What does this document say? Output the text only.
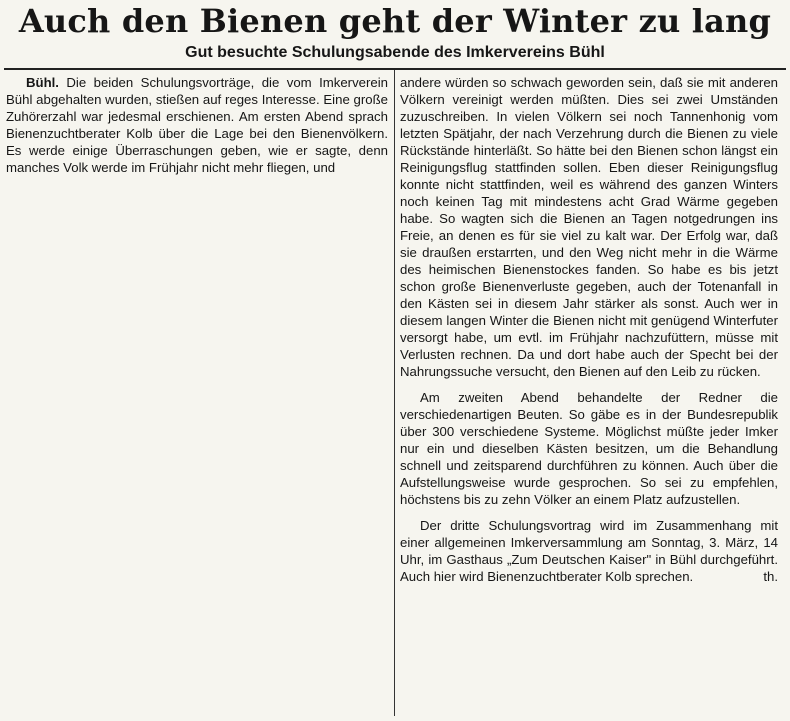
Auch den Bienen geht der Winter zu lang
Gut besuchte Schulungsabende des Imkervereins Bühl

Bühl. Die beiden Schulungsvorträge, die vom Imkerverein Bühl abgehalten wurden, stießen auf reges Interesse. Eine große Zuhörerzahl war jedesmal erschienen. Am ersten Abend sprach Bienenzuchtberater Kolb über die Lage bei den Bienenvölkern. Es werde einige Überraschungen geben, wie er sagte, denn manches Volk werde im Frühjahr nicht mehr fliegen, und

andere würden so schwach geworden sein, daß sie mit anderen Völkern vereinigt werden müßten. Dies sei zwei Umständen zuzuschreiben. In vielen Völkern sei noch Tannenhonig vom letzten Spätjahr, der nach Verzehrung durch die Bienen zu viele Rückstände hinterläßt. So hätte bei den Bienen schon längst ein Reinigungsflug stattfinden sollen. Eben dieser Reinigungsflug konnte nicht stattfinden, weil es während des ganzen Winters noch keinen Tag mit mindestens acht Grad Wärme gegeben habe. So wagten sich die Bienen an Tagen notgedrungen ins Freie, an denen es für sie viel zu kalt war. Der Erfolg war, daß sie draußen erstarrten, und den Weg nicht mehr in die Wärme des heimischen Bienenstockes fanden. So habe es bis jetzt schon große Bienenverluste gegeben, auch der Totenanfall in den Kästen sei in diesem Jahr stärker als sonst. Auch wer in diesem langen Winter die Bienen nicht mit genügend Winterfuter versorgt habe, um evtl. im Frühjahr nachzufüttern, müsse mit Verlusten rechnen. Da und dort habe auch der Specht bei der Nahrungssuche versucht, den Bienen auf den Leib zu rücken.

Am zweiten Abend behandelte der Redner die verschiedenartigen Beuten. So gäbe es in der Bundesrepublik über 300 verschiedene Systeme. Möglichst müßte jeder Imker nur ein und dieselben Kästen besitzen, um die Behandlung schnell und zeitsparend durchführen zu können. Auch über die Aufstellungsweise wurde gesprochen. So sei zu empfehlen, höchstens bis zu zehn Völker an einem Platz aufzustellen.

Der dritte Schulungsvortrag wird im Zusammenhang mit einer allgemeinen Imkerversammlung am Sonntag, 3. März, 14 Uhr, im Gasthaus „Zum Deutschen Kaiser" in Bühl durchgeführt. Auch hier wird Bienenzuchtberater Kolb sprechen.	th.
